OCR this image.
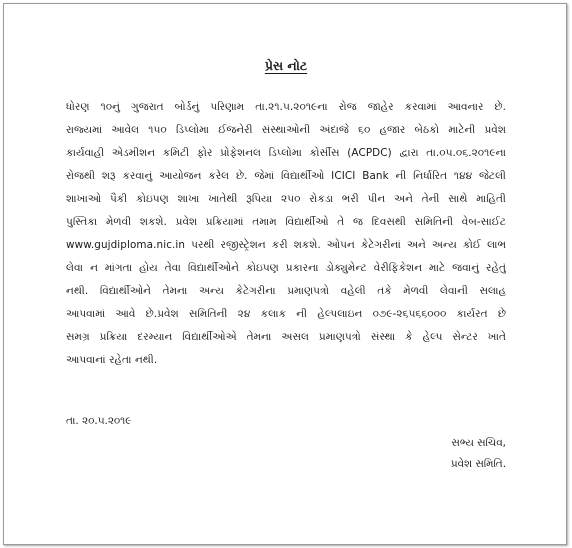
પ્રેસ નોટ
ધોરણ ૧૦નું ગુજરાત બોર્ડનું પરિણામ તા.૨૧.૫.૨૦૧૯ના રોજ જાહેર કરવામાં આવનાર છે.
રાજ્યમાં આવેલ ૧૫૦ ડિપ્લોમા ઈજનેરી સંસ્થાઓની અંદાજે ૬૦ હજાર બેઠકો માટેની પ્રવેશ
કાર્યવાહી એડમીશન કમિટી ફોર પ્રોફેશનલ ડિપ્લોમા કોર્સીસ (ACPDC) દ્વારા તા.૦૫.૦૬.૨૦૧૯ના
રોજથી શરૂ કરવાનું આયોજન કરેલ છે. જેમાં વિદ્યાર્થીઓ ICICI Bank ની નિર્ધારિત ૧૪૪ જેટલી
શાખાઓ પૈકી કોઇપણ શાખા ખાતેથી રૂપિયા ૨૫૦ રોકડા ભરી પીન અને તેની સાથે માહિતી
પુસ્તિકા મેળવી શકશે. પ્રવેશ પ્રક્રિયામાં તમામ વિદ્યાર્થીઓ તે જ દિવસથી સમિતિની વેબ-સાઈટ
www.gujdiploma.nic.in પરથી રજીસ્ટ્રેશન કરી શકશે. ઓપન કેટેગરીનાં અને અન્ય કોઈ લાભ
લેવા ન માંગતા હોય તેવા વિદ્યાર્થીઓને કોઇપણ પ્રકારના ડોક્યુમેન્ટ વેરીફિકેશન માટે જવાનું રહેતું
નથી. વિદ્યાર્થીઓને તેમના અન્ય કેટેગરીના પ્રમાણપત્રો વહેલી તકે મેળવી લેવાની સલાહ
આપવામાં આવે છે.પ્રવેશ સમિતિની ૨૪ કલાક ની હેલ્પલાઇન ૦૭૯-૨૬૫૬૬૦૦૦ કાર્યરત છે
સમગ્ર પ્રક્રિયા દરમ્યાન વિદ્યાર્થીઓએ તેમના અસલ પ્રમાણપત્રો સંસ્થા કે હેલ્પ સેન્ટર ખાતે
આપવાનાં રહેતા નથી.
તા. ૨૦.૫.૨૦૧૯
સભ્ય સચિવ,
પ્રવેશ સમિતિ.
